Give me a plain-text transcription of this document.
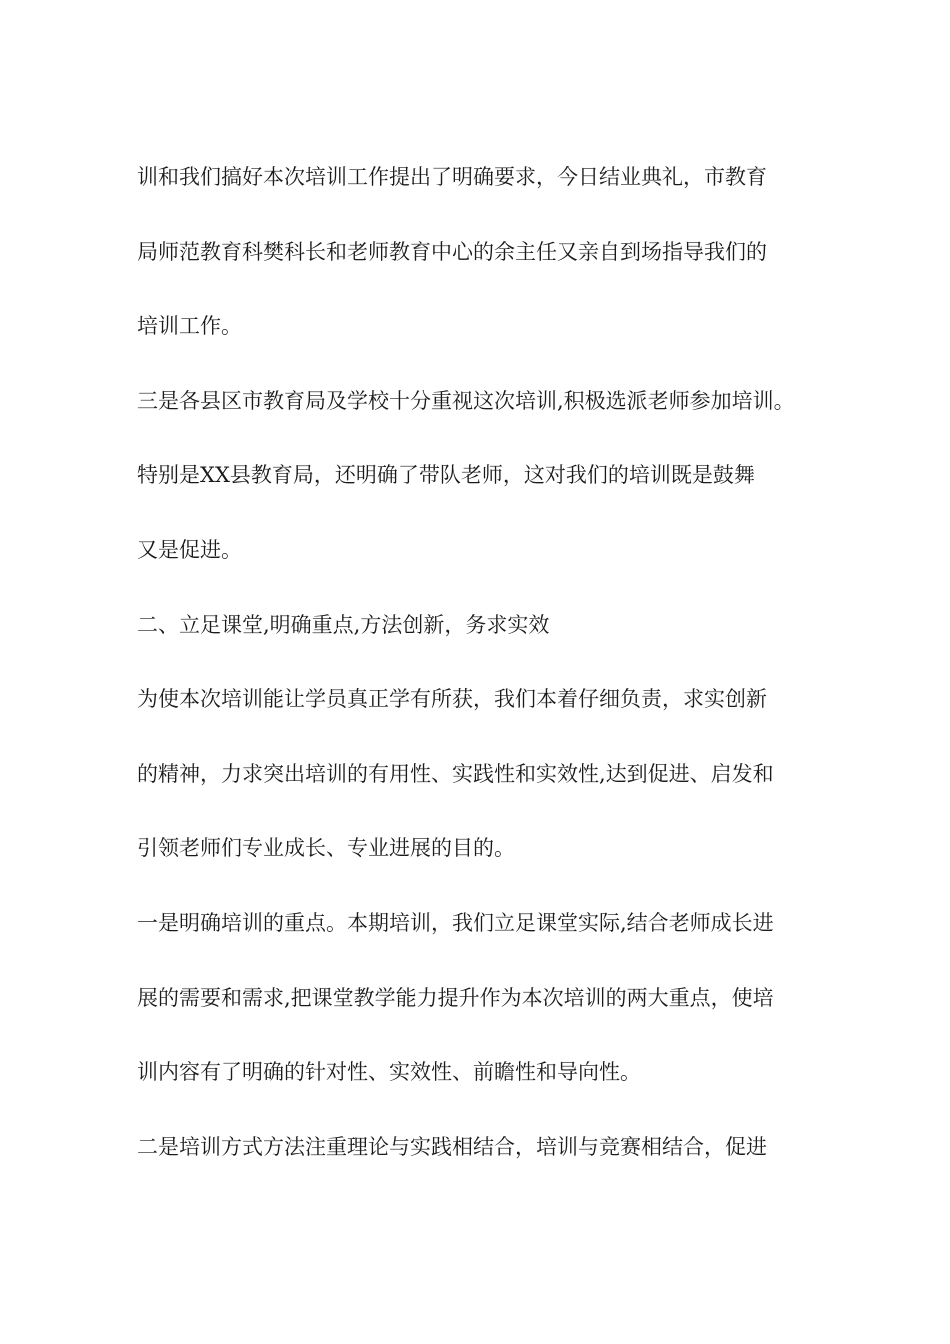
训和我们搞好本次培训工作提出了明确要求，今日结业典礼，市教育
局师范教育科樊科长和老师教育中心的余主任又亲自到场指导我们的
培训工作。
三是各县区市教育局及学校十分重视这次培训,积极选派老师参加培训。
特别是XX县教育局，还明确了带队老师，这对我们的培训既是鼓舞
又是促进。
二、立足课堂,明确重点,方法创新，务求实效
为使本次培训能让学员真正学有所获，我们本着仔细负责，求实创新
的精神，力求突出培训的有用性、实践性和实效性,达到促进、启发和
引领老师们专业成长、专业进展的目的。
一是明确培训的重点。本期培训，我们立足课堂实际,结合老师成长进
展的需要和需求,把课堂教学能力提升作为本次培训的两大重点，使培
训内容有了明确的针对性、实效性、前瞻性和导向性。
二是培训方式方法注重理论与实践相结合，培训与竞赛相结合，促进
